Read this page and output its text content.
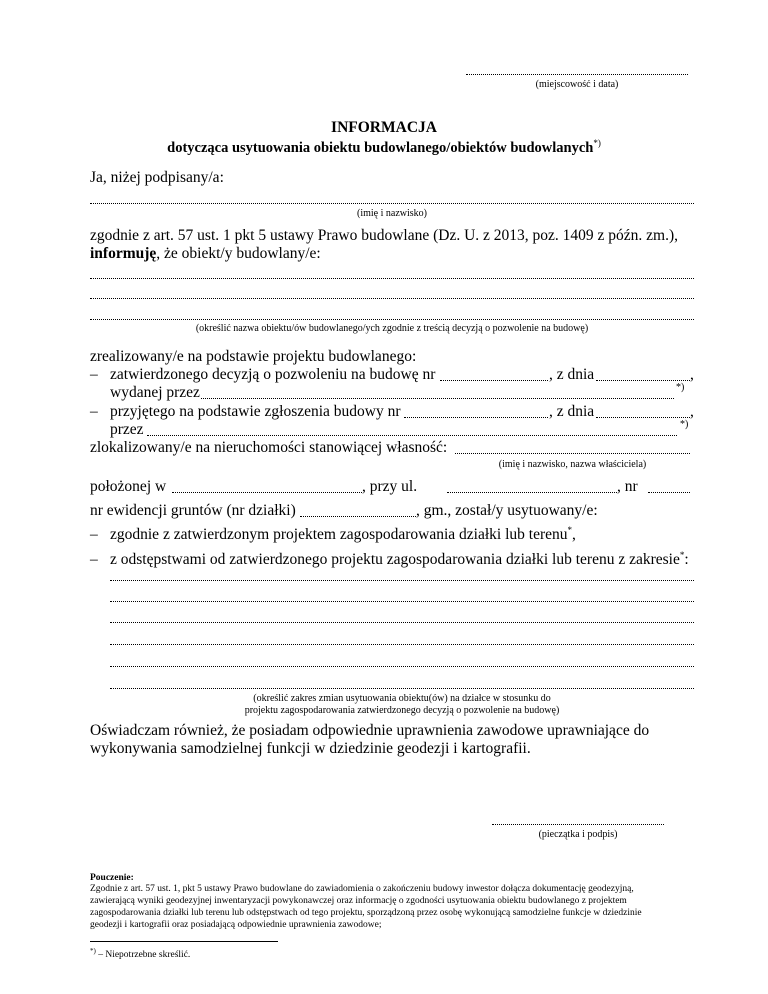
(miejscowość i data)
INFORMACJA
dotycząca usytuowania obiektu budowlanego/obiektów budowlanych*)
Ja, niżej podpisany/a:
(imię i nazwisko)
zgodnie z art. 57 ust. 1 pkt 5 ustawy Prawo budowlane (Dz. U. z 2013, poz. 1409 z późn. zm.),
informuję, że obiekt/y budowlany/e:
(określić nazwa obiektu/ów budowlanego/ych zgodnie z treścią decyzją o pozwolenie na budowę)
zrealizowany/e na podstawie projektu budowlanego:
– zatwierdzonego decyzją o pozwoleniu na budowę nr	, z dnia	,
wydanej przez	*)
– przyjętego na podstawie zgłoszenia budowy nr	, z dnia	,
przez	*)
zlokalizowany/e na nieruchomości stanowiącej własność:
(imię i nazwisko, nazwa właściciela)
położonej w	, przy ul.	, nr
nr ewidencji gruntów (nr działki)	, gm., został/y usytuowany/e:
– zgodnie z zatwierdzonym projektem zagospodarowania działki lub terenu*,
– z odstępstwami od zatwierdzonego projektu zagospodarowania działki lub terenu z zakresie*:
(określić zakres zmian usytuowania obiektu(ów) na działce w stosunku do
projektu zagospodarowania zatwierdzonego decyzją o pozwolenie na budowę)
Oświadczam również, że posiadam odpowiednie uprawnienia zawodowe uprawniające do
wykonywania samodzielnej funkcji w dziedzinie geodezji i kartografii.
(pieczątka i podpis)
Pouczenie:
Zgodnie z art. 57 ust. 1, pkt 5 ustawy Prawo budowlane do zawiadomienia o zakończeniu budowy inwestor dołącza dokumentację geodezyjną,
zawierającą wyniki geodezyjnej inwentaryzacji powykonawczej oraz informację o zgodności usytuowania obiektu budowlanego z projektem
zagospodarowania działki lub terenu lub odstępstwach od tego projektu, sporządzoną przez osobę wykonującą samodzielne funkcje w dziedzinie
geodezji i kartografii oraz posiadającą odpowiednie uprawnienia zawodowe;
*) – Niepotrzebne skreślić.
